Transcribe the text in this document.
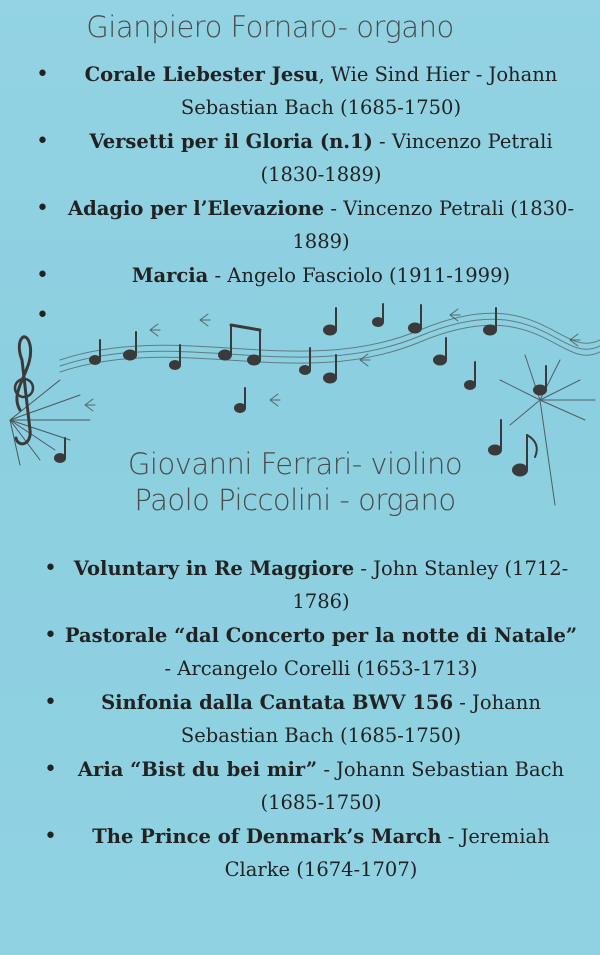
Gianpiero Fornaro- organo
• Corale Liebester Jesu, Wie Sind Hier - Johann Sebastian Bach (1685-1750)
• Versetti per il Gloria (n.1) - Vincenzo Petrali (1830-1889)
• Adagio per l’Elevazione - Vincenzo Petrali (1830-1889)
•	Marcia - Angelo Fasciolo (1911-1999)
•
Giovanni Ferrari- violino
Paolo Piccolini - organo
• Voluntary in Re Maggiore - John Stanley (1712-1786)
• Pastorale “dal Concerto per la notte di Natale” - Arcangelo Corelli (1653-1713)
• Sinfonia dalla Cantata BWV 156 - Johann Sebastian Bach (1685-1750)
• Aria “Bist du bei mir” - Johann Sebastian Bach (1685-1750)
• The Prince of Denmark’s March - Jeremiah Clarke (1674-1707)
